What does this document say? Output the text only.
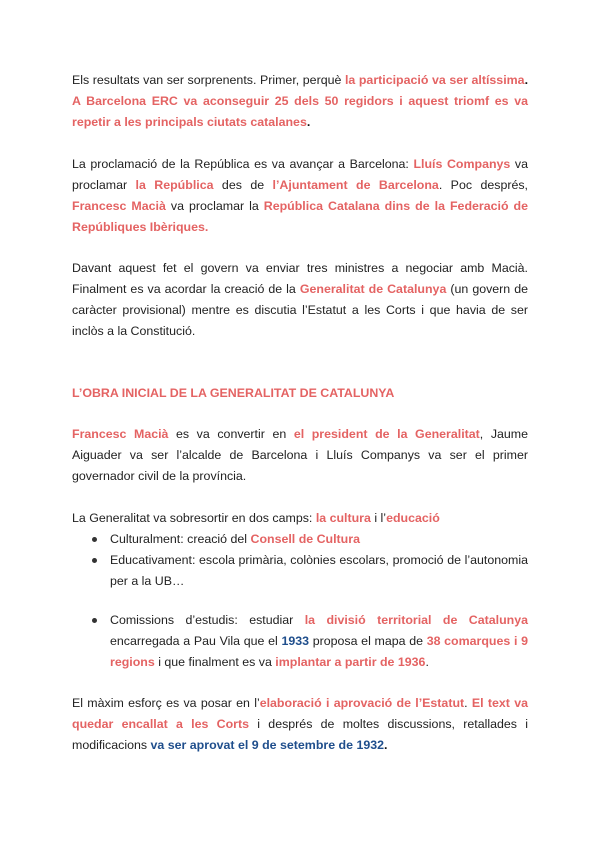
Els resultats van ser sorprenents. Primer, perquè la participació va ser altíssima. A Barcelona ERC va aconseguir 25 dels 50 regidors i aquest triomf es va repetir a les principals ciutats catalanes.
La proclamació de la República es va avançar a Barcelona: Lluís Companys va proclamar la República des de l’Ajuntament de Barcelona. Poc després, Francesc Macià va proclamar la República Catalana dins de la Federació de Repúbliques Ibèriques.
Davant aquest fet el govern va enviar tres ministres a negociar amb Macià. Finalment es va acordar la creació de la Generalitat de Catalunya (un govern de caràcter provisional) mentre es discutia l’Estatut a les Corts i que havia de ser inclòs a la Constitució.
L’OBRA INICIAL DE LA GENERALITAT DE CATALUNYA
Francesc Macià es va convertir en el president de la Generalitat, Jaume Aiguader va ser l’alcalde de Barcelona i Lluís Companys va ser el primer governador civil de la província.
La Generalitat va sobresortir en dos camps: la cultura i l’educació
Culturalment: creació del Consell de Cultura
Educativament: escola primària, colònies escolars, promoció de l’autonomia per a la UB…
Comissions d’estudis: estudiar la divisió territorial de Catalunya encarregada a Pau Vila que el 1933 proposa el mapa de 38 comarques i 9 regions i que finalment es va implantar a partir de 1936.
El màxim esforç es va posar en l’elaboració i aprovació de l’Estatut. El text va quedar encallat a les Corts i després de moltes discussions, retallades i modificacions va ser aprovat el 9 de setembre de 1932.
